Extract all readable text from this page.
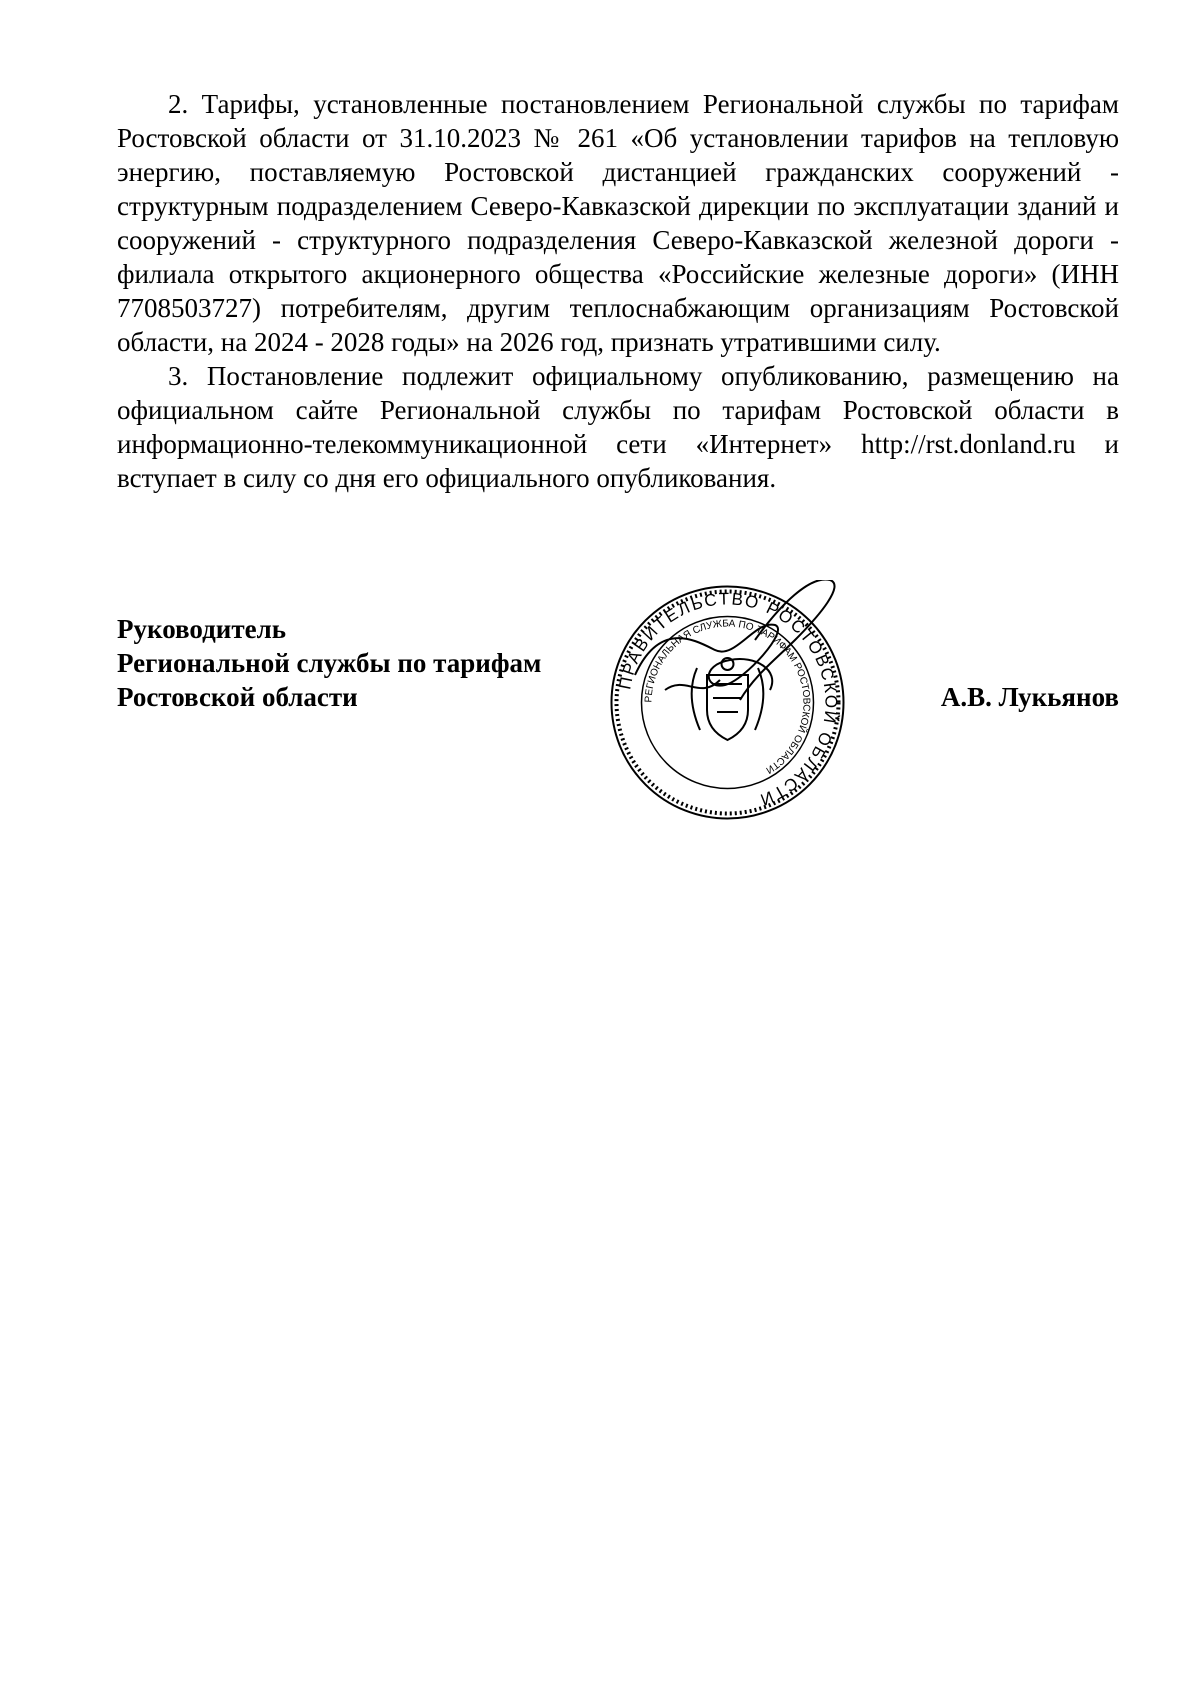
2. Тарифы, установленные постановлением Региональной службы по тарифам Ростовской области от 31.10.2023 № 261 «Об установлении тарифов на тепловую энергию, поставляемую Ростовской дистанцией гражданских сооружений - структурным подразделением Северо-Кавказской дирекции по эксплуатации зданий и сооружений - структурного подразделения Северо-Кавказской железной дороги - филиала открытого акционерного общества «Российские железные дороги» (ИНН 7708503727) потребителям, другим теплоснабжающим организациям Ростовской области, на 2024 - 2028 годы» на 2026 год, признать утратившими силу.

3. Постановление подлежит официальному опубликованию, размещению на официальном сайте Региональной службы по тарифам Ростовской области в информационно-телекоммуникационной сети «Интернет» http://rst.donland.ru и вступает в силу со дня его официального опубликования.

Руководитель
Региональной службы по тарифам
Ростовской области	А.В. Лукьянов
ПРАВИТЕЛЬСТВО РОСТОВСКОЙ ОБЛАСТИ
РЕГИОНАЛЬНАЯ СЛУЖБА ПО ТАРИФАМ РОСТОВСКОЙ ОБЛАСТИ
